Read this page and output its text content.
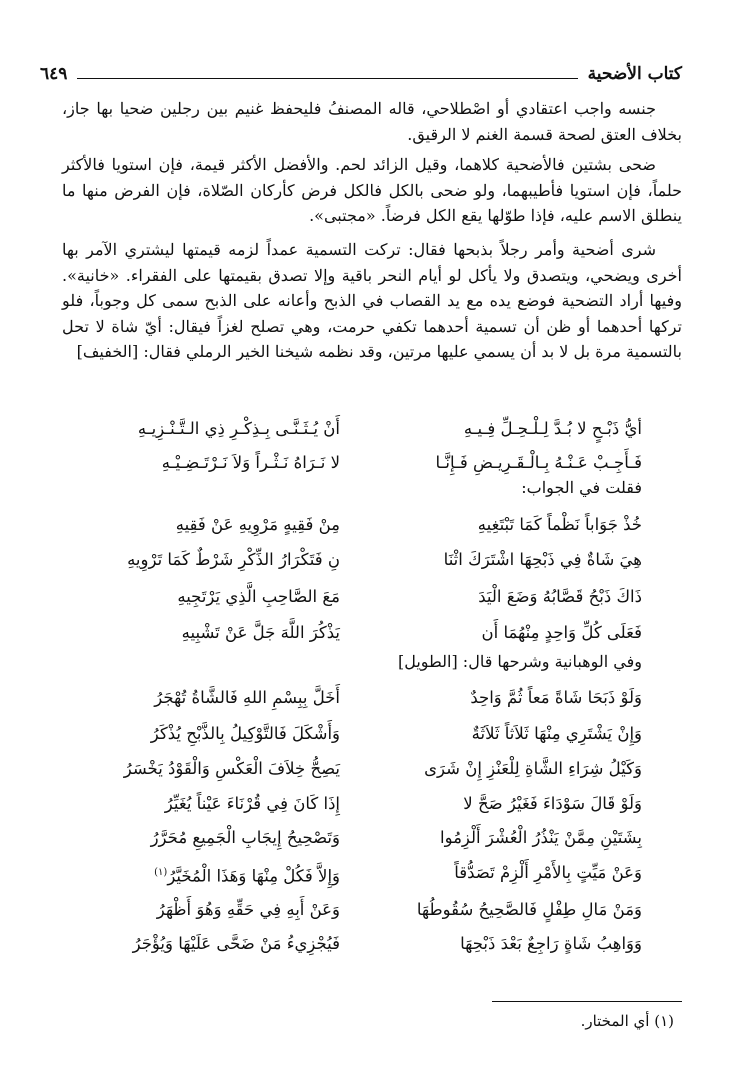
كتاب الأضحية
٦٤٩

جنسه واجب اعتقادي أو اصْطلاحي، قاله المصنفُ فليحفظ غنيم بين رجلين ضحيا بها جاز، بخلاف العتق لصحة قسمة الغنم لا الرقيق.

ضحى بشتين فالأضحية كلاهما، وقيل الزائد لحم. والأفضل الأكثر قيمة، فإن استويا فالأكثر حلماً، فإن استويا فأطيبهما، ولو ضحى بالكل فالكل فرض كأركان الصّلاة، فإن الفرض منها ما ينطلق الاسم عليه، فإذا طوّلها يقع الكل فرضاً. «مجتبى».

شرى أضحية وأمر رجلاً بذبحها فقال: تركت التسمية عمداً لزمه قيمتها ليشتري الآمر بها أخرى ويضحي، ويتصدق ولا يأكل لو أيام النحر باقية وإلا تصدق بقيمتها على الفقراء. «خانية». وفيها أراد التضحية فوضع يده مع يد القصاب في الذبح وأعانه على الذبح سمى كل وجوباً، فلو تركها أحدهما أو ظن أن تسمية أحدهما تكفي حرمت، وهي تصلح لغزاً فيقال: أيّ شاة لا تحل بالتسمية مرة بل لا بد أن يسمي عليها مرتين، وقد نظمه شيخنا الخير الرملي فقال: [الخفيف]

أيُّ ذَبْـحٍ لا بُـدَّ لِـلْـحِـلِّ فِـيـهِ
أَنْ يُـثَـنَّـى بِـذِكْـرِ ذِي الـتَّـنْـزِيـهِ
فَـأَجِـبْ عَـنْـهُ بِـالْـقَـرِيـضِ فَـإِنَّـا
لا نَـرَاهُ نَـثْـراً وَلاَ نَـرْتَـضِـيْـهِ
فقلت في الجواب:
خُذْ جَوَاباً نَظْماً كَمَا تَبْتَغِيهِ
مِنْ فَقِيهٍ مَرْوِيهِ عَنْ فَقِيهِ
هِيَ شَاةٌ فِي ذَبْحِهَا اشْتَرَكَ اثْنَا
نِ فَتَكْرَارُ الذِّكْرِ شَرْطٌ كَمَا تَرْوِيهِ
ذَاكَ ذَبْحُ قَصَّابُهُ وَضَعَ الْيَدَ
مَعَ الصَّاحِبِ الَّذِي يَرْتَجِيهِ
فَعَلَى كُلِّ وَاحِدٍ مِنْهُمَا أَن
يَذْكُرَ اللَّهَ جَلَّ عَنْ تَشْبِيهِ
وفي الوهبانية وشرحها قال: [الطويل]
وَلَوْ ذَبَحَا شَاةً مَعاً ثُمَّ وَاحِدٌ
أَخَلَّ بِبِسْمِ اللهِ فَالشَّاةُ تُهْجَرُ
وَإِنْ يَشْتَرِي مِنْهَا ثَلاَثاً ثَلاَثَةٌ
وَأَشْكَلَ فَالتَّوْكِيلُ بِالذَّبْحِ يُذْكَرُ
وَكَيْلُ شِرَاءِ الشَّاةِ لِلْعَنْزِ إِنْ شَرَى
يَصِحُّ خِلاَفَ الْعَكْسِ وَالْقَوْدُ يَخْسَرُ
وَلَوْ قَالَ سَوْدَاءَ فَغَيْرُ صَحَّ لا
إِذَا كَانَ فِي قُرْنَاءَ عَيْناً يُغَيِّرُ
بِشَتَيْنِ مِمَّنْ يَنْذُرُ الْعُشْرَ أَلْزِمُوا
وَتَصْحِيحُ إِيجَابِ الْجَمِيعِ مُحَرَّرُ
وَعَنْ مَيِّتٍ بِالأَمْرِ أَلْزِمْ تَصَدُّقاً
وَإِلاَّ فَكُلْ مِنْهَا وَهَذَا الْمُخَيَّرُ$^{(١)}$
وَمَنْ مَالِ طِفْلٍ فَالصَّحِيحُ سُقُوطُهَا
وَعَنْ أَبِهِ فِي حَقِّهِ وَهُوَ أَظْهَرُ
وَوَاهِبُ شَاةٍ رَاجِعٌ بَعْدَ ذَبْحِهَا
فَيُجْزِيءُ مَنْ ضَحَّى عَلَيْهَا وَيُؤْجَرُ
(١) أي المختار.
